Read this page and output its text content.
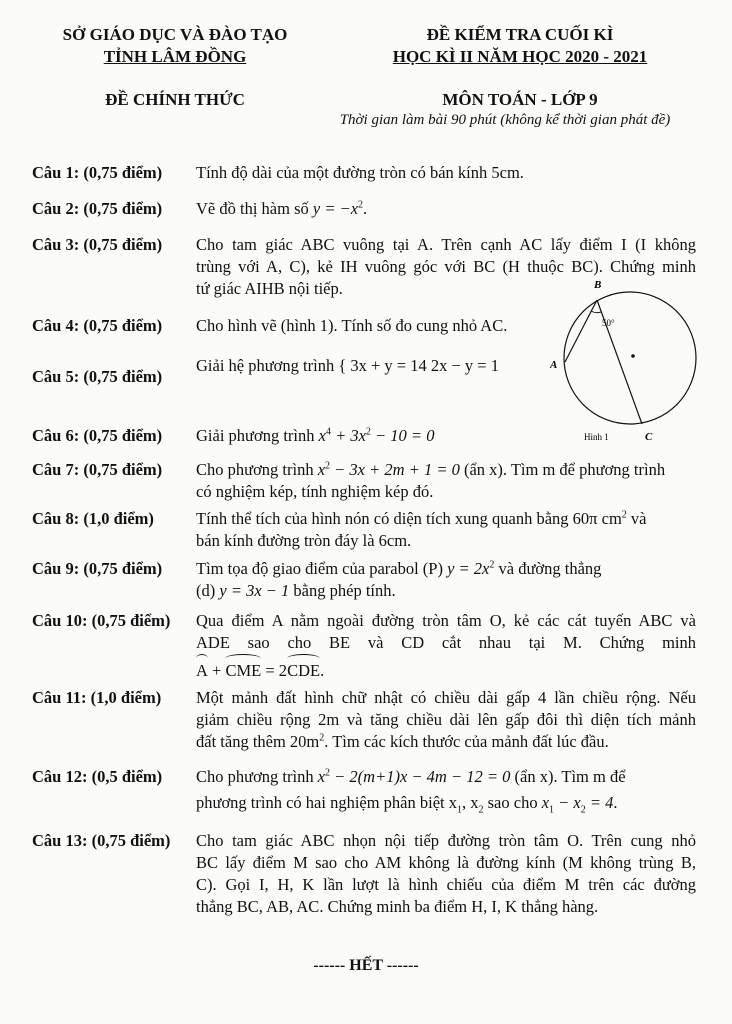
SỞ GIÁO DỤC VÀ ĐÀO TẠO
TỈNH LÂM ĐỒNG
ĐỀ KIỂM TRA CUỐI KÌ
HỌC KÌ II NĂM HỌC 2020 - 2021
ĐỀ CHÍNH THỨC	MÔN TOÁN - LỚP 9
Thời gian làm bài 90 phút (không kể thời gian phát đề)
Câu 1: (0,75 điểm) Tính độ dài của một đường tròn có bán kính 5cm.
Câu 2: (0,75 điểm) Vẽ đồ thị hàm số $y = -x^2$.
Câu 3: (0,75 điểm) Cho tam giác ABC vuông tại A. Trên cạnh AC lấy điểm I (I không
trùng với A, C), kẻ IH vuông góc với BC (H thuộc BC). Chứng minh
tứ giác AIHB nội tiếp.
Câu 4: (0,75 điểm) Cho hình vẽ (hình 1). Tính số đo cung nhỏ AC.
Câu 5: (0,75 điểm)
Giải hệ phương trình { 3x + y = 14 2x − y = 1
Câu 6: (0,75 điểm) Giải phương trình $x^4 + 3x^2 - 10 = 0$
Câu 7: (0,75 điểm) Cho phương trình $x^2 - 3x + 2m + 1 = 0$ (ẩn x). Tìm m để phương trình
có nghiệm kép, tính nghiệm kép đó.
Câu 8: (1,0 điểm)	Tính thể tích của hình nón có diện tích xung quanh bằng 60π $cm^2$ và
bán kính đường tròn đáy là 6cm.
Câu 9: (0,75 điểm) Tìm tọa độ giao điểm của parabol (P) $y = 2x^2$ và đường thẳng
(d) y = 3x − 1 bằng phép tính.
Câu 10: (0,75 điểm) Qua điểm A nằm ngoài đường tròn tâm O, kẻ các cát tuyến ABC và
ADE sao cho BE và CD cắt nhau tại M. Chứng minh
A + CME = 2CDE.
Câu 11: (1,0 điểm) Một mảnh đất hình chữ nhật có chiều dài gấp 4 lần chiều rộng. Nếu
giảm chiều rộng 2m và tăng chiều dài lên gấp đôi thì diện tích mảnh
đất tăng thêm $20m^2$. Tìm các kích thước của mảnh đất lúc đầu.
Câu 12: (0,5 điểm) Cho phương trình $x^2 - 2(m+1)x - 4m - 12 = 0$ (ẩn x). Tìm m để
phương trình có hai nghiệm phân biệt $x_1$, $x_2$ sao cho $x_1 - x_2 = 4$.
Câu 13: (0,75 điểm) Cho tam giác ABC nhọn nội tiếp đường tròn tâm O. Trên cung nhỏ
BC lấy điểm M sao cho AM không là đường kính (M không trùng B,
C). Gọi I, H, K lần lượt là hình chiếu của điểm M trên các đường
thẳng BC, AB, AC. Chứng minh ba điểm H, I, K thẳng hàng.
B
A
C
50°
Hình 1
------ HẾT ------
